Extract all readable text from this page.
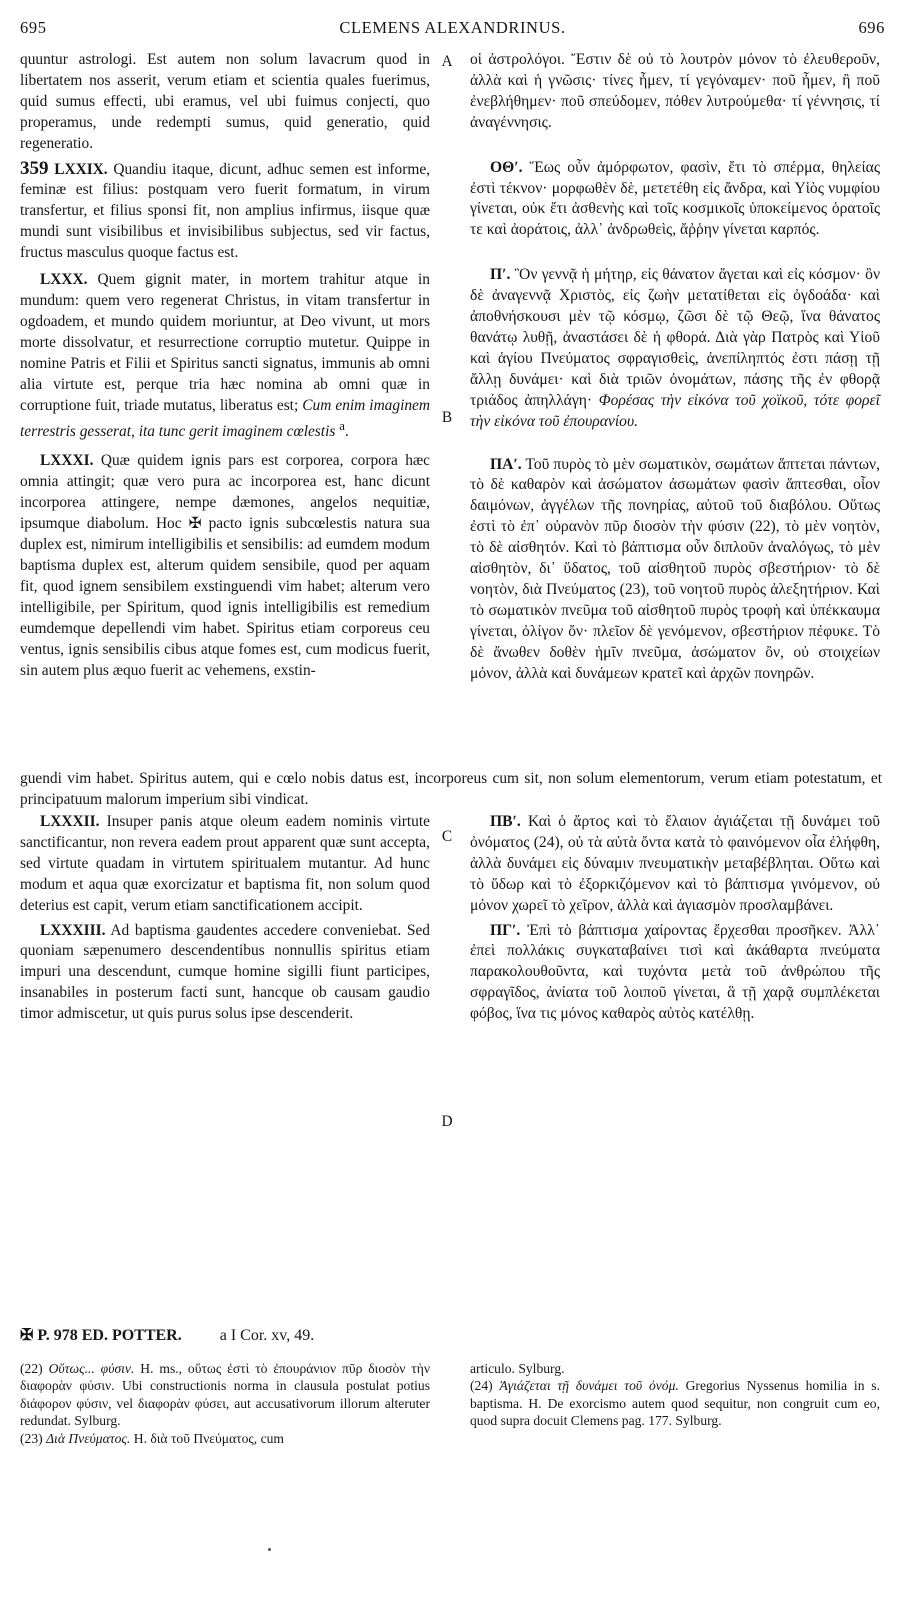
695	CLEMENS ALEXANDRINUS.	696
A
B
C
D

quuntur astrologi. Est autem non solum lavacrum quod in libertatem nos asserit, verum etiam et scientia quales fuerimus, quid sumus effecti, ubi eramus, vel ubi fuimus conjecti, quo properamus, unde redempti sumus, quid generatio, quid regeneratio.

359 LXXIX. Quandiu itaque, dicunt, adhuc semen est informe, feminæ est filius: postquam vero fuerit formatum, in virum transfertur, et filius sponsi fit, non amplius infirmus, iisque quæ mundi sunt visibilibus et invisibilibus subjectus, sed vir factus, fructus masculus quoque factus est.

LXXX. Quem gignit mater, in mortem trahitur atque in mundum: quem vero regenerat Christus, in vitam transfertur in ogdoadem, et mundo quidem moriuntur, at Deo vivunt, ut mors morte dissolvatur, et resurrectione corruptio mutetur. Quippe in nomine Patris et Filii et Spiritus sancti signatus, immunis ab omni alia virtute est, perque tria hæc nomina ab omni quæ in corruptione fuit, triade mutatus, liberatus est; Cum enim imaginem terrestris gesserat, ita tunc gerit imaginem cœlestis $^a$.

LXXXI. Quæ quidem ignis pars est corporea, corpora hæc omnia attingit; quæ vero pura ac incorporea est, hanc dicunt incorporea attingere, nempe dæmones, angelos nequitiæ, ipsumque diabolum. Hoc ✠ pacto ignis subcœlestis natura sua duplex est, nimirum intelligibilis et sensibilis: ad eumdem modum baptisma duplex est, alterum quidem sensibile, quod per aquam fit, quod ignem sensibilem exstinguendi vim habet; alterum vero intelligibile, per Spiritum, quod ignis intelligibilis est remedium eumdemque depellendi vim habet. Spiritus etiam corporeus ceu ventus, ignis sensibilis cibus atque fomes est, cum modicus fuerit, sin autem plus æquo fuerit ac vehemens, exstin-

οἱ ἀστρολόγοι. Ἔστιν δὲ οὐ τὸ λουτρὸν μόνον τὸ ἐλευθεροῦν, ἀλλὰ καὶ ἡ γνῶσις· τίνες ἦμεν, τί γεγόναμεν· ποῦ ἦμεν, ἢ ποῦ ἐνεβλήθημεν· ποῦ σπεύδομεν, πόθεν λυτρούμεθα· τί γέννησις, τί ἀναγέννησις.

ΟΘʹ. Ἕως οὖν ἀμόρφωτον, φασὶν, ἔτι τὸ σπέρμα, θηλείας ἐστὶ τέκνον· μορφωθὲν δὲ, μετετέθη εἰς ἄνδρα, καὶ Υἱὸς νυμφίου γίνεται, οὐκ ἔτι ἀσθενὴς καὶ τοῖς κοσμικοῖς ὑποκείμενος ὁρατοῖς τε καὶ ἀοράτοις, ἀλλ᾽ ἀνδρωθεὶς, ἄῤῥην γίνεται καρπός.

Πʹ. Ὃν γεννᾷ ἡ μήτηρ, εἰς θάνατον ἄγεται καὶ εἰς κόσμον· ὃν δὲ ἀναγεννᾷ Χριστὸς, εἰς ζωὴν μετατίθεται εἰς ὀγδοάδα· καὶ ἀποθνήσκουσι μὲν τῷ κόσμῳ, ζῶσι δὲ τῷ Θεῷ, ἵνα θάνατος θανάτῳ λυθῇ, ἀναστάσει δὲ ἡ φθορά. Διὰ γὰρ Πατρὸς καὶ Υἱοῦ καὶ ἁγίου Πνεύματος σφραγισθεὶς, ἀνεπίληπτός ἐστι πάσῃ τῇ ἄλλῃ δυνάμει· καὶ διὰ τριῶν ὀνομάτων, πάσης τῆς ἐν φθορᾷ τριάδος ἀπηλλάγη· Φορέσας τὴν εἰκόνα τοῦ χοϊκοῦ, τότε φορεῖ τὴν εἰκόνα τοῦ ἐπουρανίου.

ΠΑʹ. Τοῦ πυρὸς τὸ μὲν σωματικὸν, σωμάτων ἅπτεται πάντων, τὸ δὲ καθαρὸν καὶ ἀσώματον ἀσωμάτων φασὶν ἅπτεσθαι, οἷον δαιμόνων, ἀγγέλων τῆς πονηρίας, αὐτοῦ τοῦ διαβόλου. Οὕτως ἐστὶ τὸ ἐπ᾽ οὐρανὸν πῦρ διοσὸν τὴν φύσιν (22), τὸ μὲν νοητὸν, τὸ δὲ αἰσθητόν. Καὶ τὸ βάπτισμα οὖν διπλοῦν ἀναλόγως, τὸ μὲν αἰσθητὸν, δι᾽ ὕδατος, τοῦ αἰσθητοῦ πυρὸς σβεστήριον· τὸ δὲ νοητὸν, διὰ Πνεύματος (23), τοῦ νοητοῦ πυρὸς ἀλεξητήριον. Καὶ τὸ σωματικὸν πνεῦμα τοῦ αἰσθητοῦ πυρὸς τροφὴ καὶ ὑπέκκαυμα γίνεται, ὀλίγον ὄν· πλεῖον δὲ γενόμενον, σβεστήριον πέφυκε. Τὸ δὲ ἄνωθεν δοθὲν ἡμῖν πνεῦμα, ἀσώματον ὂν, οὐ στοιχείων μόνον, ἀλλὰ καὶ δυνάμεων κρατεῖ καὶ ἀρχῶν πονηρῶν.

guendi vim habet. Spiritus autem, qui e cœlo nobis datus est, incorporeus cum sit, non solum elementorum, verum etiam potestatum, et principatuum malorum imperium sibi vindicat.

LXXXII. Insuper panis atque oleum eadem nominis virtute sanctificantur, non revera eadem prout apparent quæ sunt accepta, sed virtute quadam in virtutem spiritualem mutantur. Ad hunc modum et aqua quæ exorcizatur et baptisma fit, non solum quod deterius est capit, verum etiam sanctificationem accipit.

LXXXIII. Ad baptisma gaudentes accedere conveniebat. Sed quoniam sæpenumero descendentibus nonnullis spiritus etiam impuri una descendunt, cumque homine sigilli fiunt participes, insanabiles in posterum facti sunt, hancque ob causam gaudio timor admiscetur, ut quis purus solus ipse descenderit.

ΠΒʹ. Καὶ ὁ ἄρτος καὶ τὸ ἔλαιον ἁγιάζεται τῇ δυνάμει τοῦ ὀνόματος (24), οὐ τὰ αὐτὰ ὄντα κατὰ τὸ φαινόμενον οἷα ἐλήφθη, ἀλλὰ δυνάμει εἰς δύναμιν πνευματικὴν μεταβέβληται. Οὕτω καὶ τὸ ὕδωρ καὶ τὸ ἐξορκιζόμενον καὶ τὸ βάπτισμα γινόμενον, οὐ μόνον χωρεῖ τὸ χεῖρον, ἀλλὰ καὶ ἁγιασμὸν προσλαμβάνει.

ΠΓʹ. Ἐπὶ τὸ βάπτισμα χαίροντας ἔρχεσθαι προσῆκεν. Ἀλλ᾽ ἐπεὶ πολλάκις συγκαταβαίνει τισὶ καὶ ἀκάθαρτα πνεύματα παρακολουθοῦντα, καὶ τυχόντα μετὰ τοῦ ἀνθρώπου τῆς σφραγῖδος, ἀνίατα τοῦ λοιποῦ γίνεται, ἃ τῇ χαρᾷ συμπλέκεται φόβος, ἵνα τις μόνος καθαρὸς αὐτὸς κατέλθῃ.

✠ P. 978 ED. POTTER. a I Cor. xv, 49.

(22) Οὕτως... φύσιν. H. ms., οὕτως ἐστὶ τὸ ἐπουράνιον πῦρ διοσὸν τὴν διαφορὰν φύσιν. Ubi constructionis norma in clausula postulat potius διάφορον φύσιν, vel διαφορὰν φύσει, aut accusativorum illorum alteruter redundat. Sylburg.

(23) Διὰ Πνεύματος. H. διὰ τοῦ Πνεύματος, cum

articulo. Sylburg.

(24) Ἁγιάζεται τῇ δυνάμει τοῦ ὀνόμ. Gregorius Nyssenus homilia in s. baptisma. H. De exorcismo autem quod sequitur, non congruit cum eo, quod supra docuit Clemens pag. 177. Sylburg.
